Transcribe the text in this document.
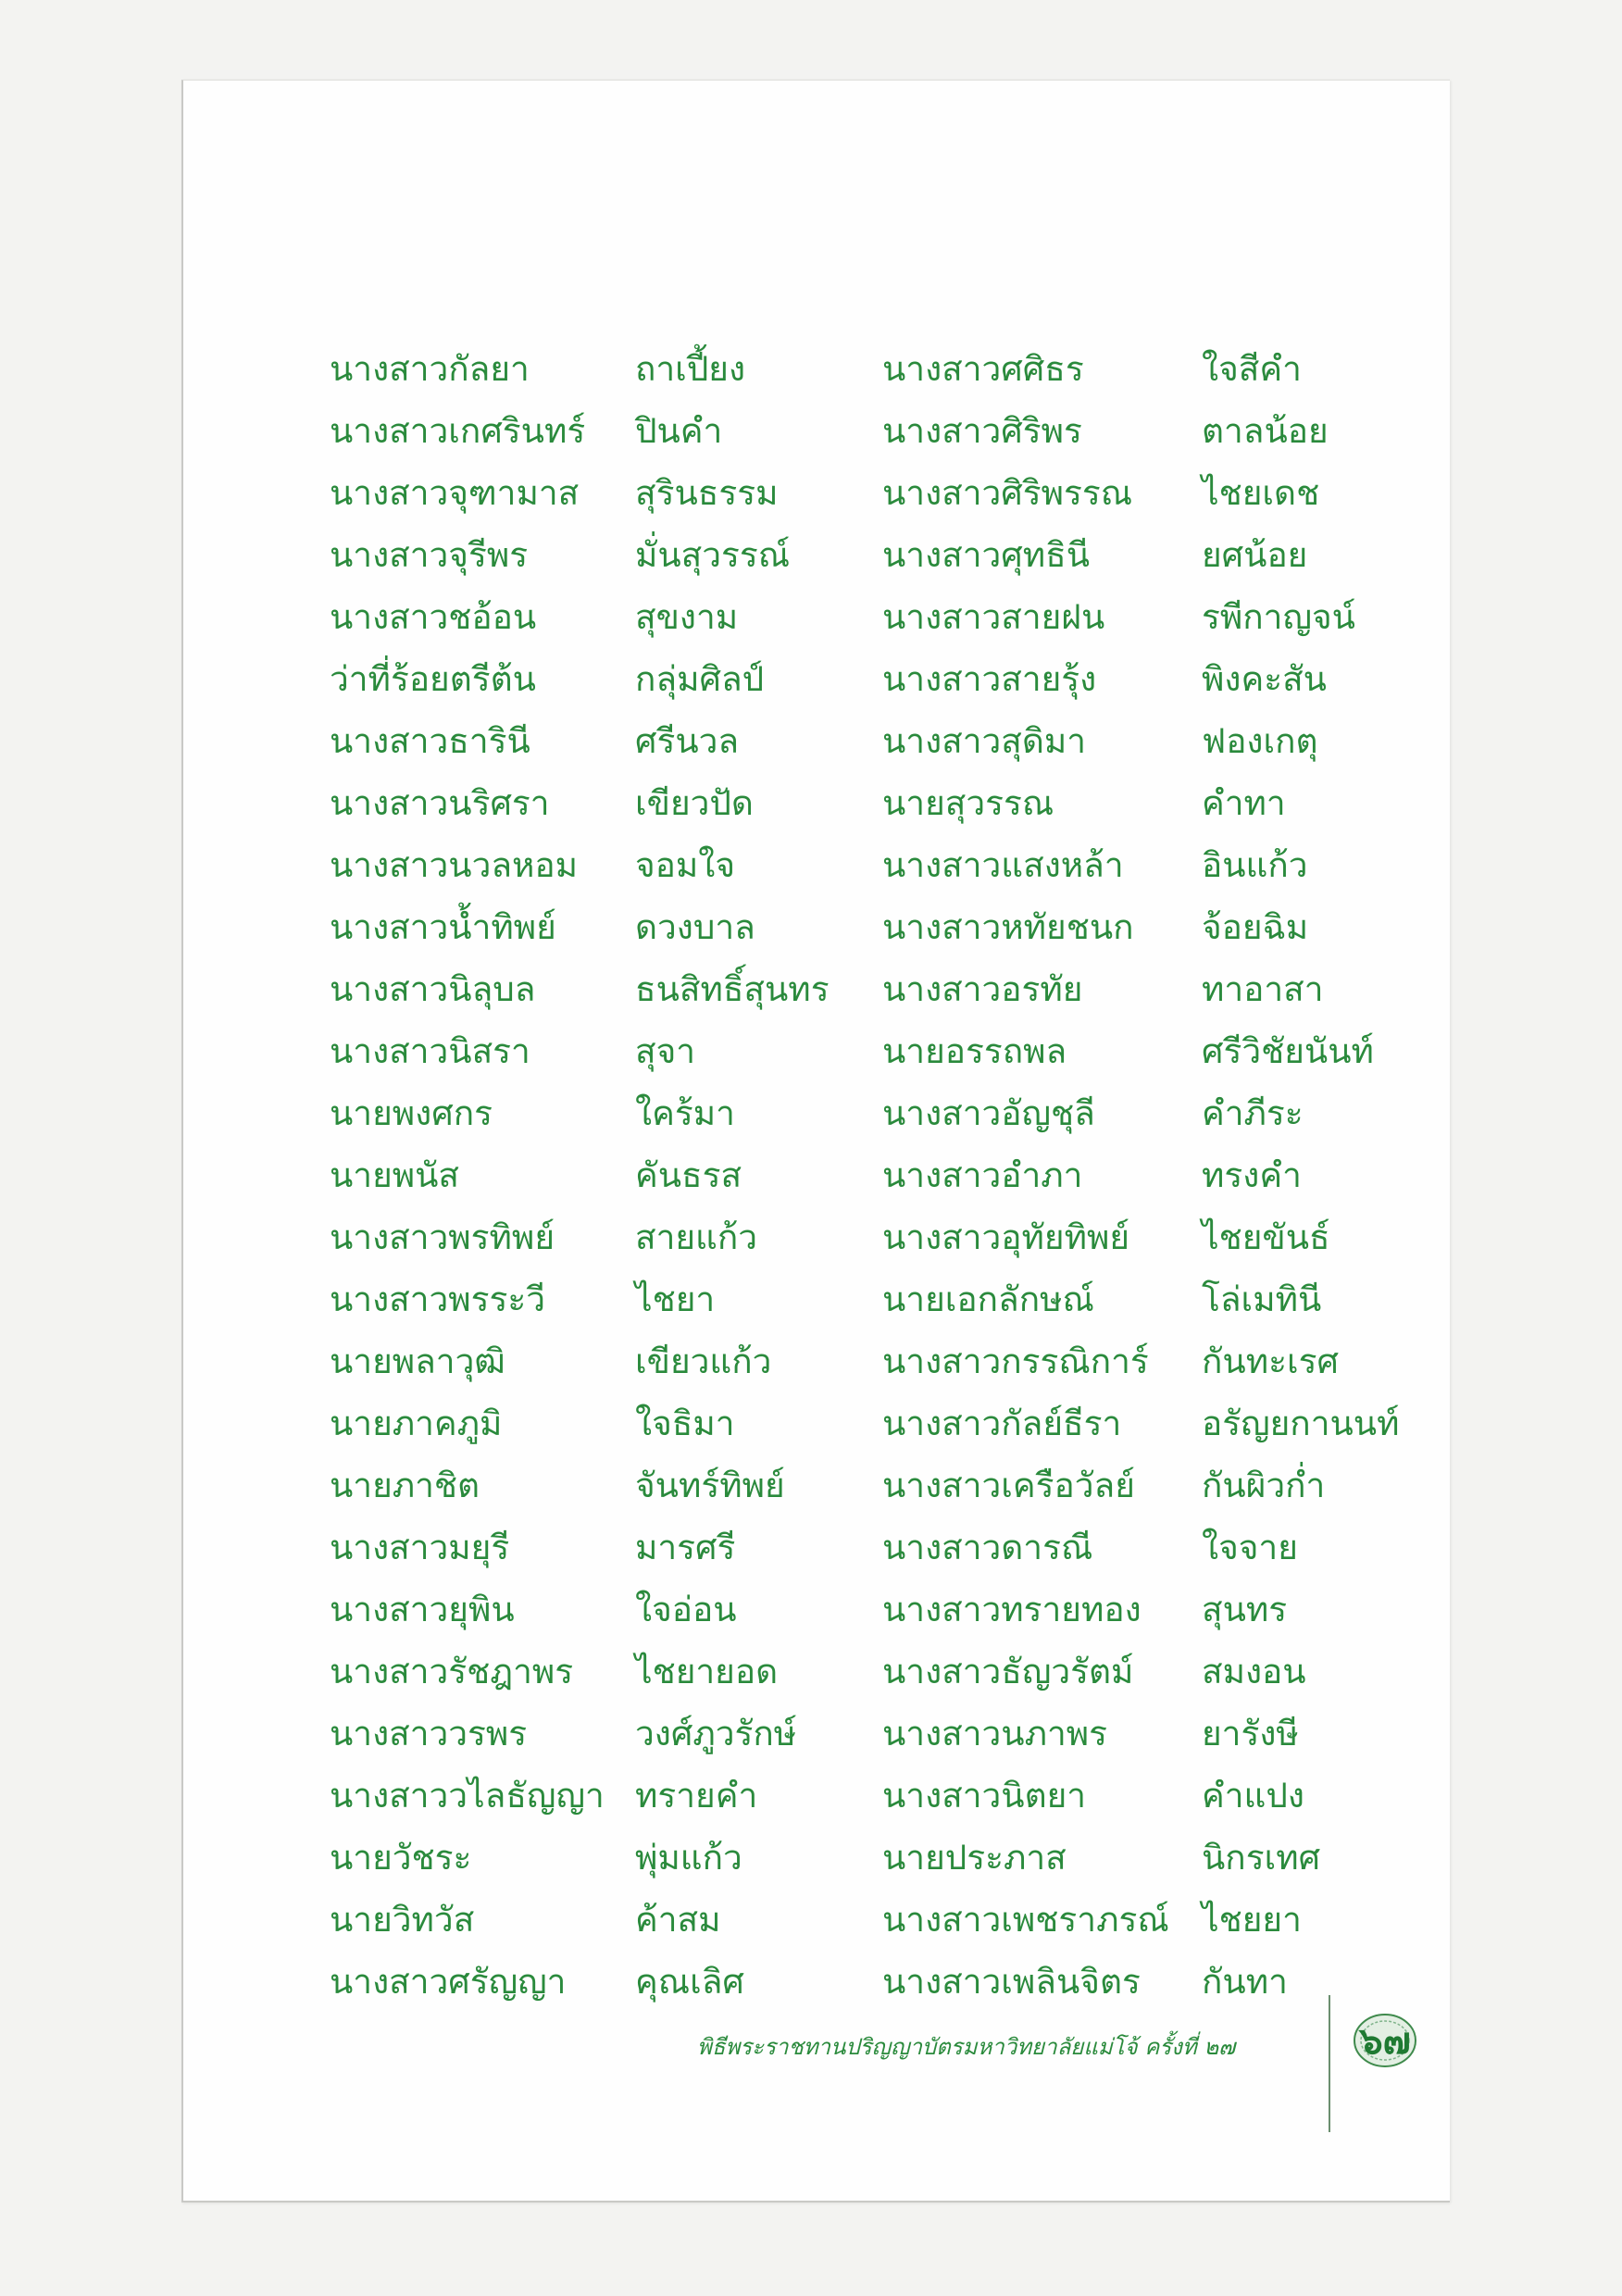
นางสาวกัลยา	ถาเปี้ยง
นางสาวเกศรินทร์	ปินคำ
นางสาวจุฑามาส	สุรินธรรม
นางสาวจุรีพร	มั่นสุวรรณ์
นางสาวชอ้อน	สุขงาม
ว่าที่ร้อยตรีต้น	กลุ่มศิลป์
นางสาวธารินี	ศรีนวล
นางสาวนริศรา	เขียวปัด
นางสาวนวลหอม	จอมใจ
นางสาวน้ำทิพย์	ดวงบาล
นางสาวนิลุบล	ธนสิทธิ์สุนทร
นางสาวนิสรา	สุจา
นายพงศกร	ใคร้มา
นายพนัส	คันธรส
นางสาวพรทิพย์	สายแก้ว
นางสาวพรระวี	ไชยา
นายพลาวุฒิ	เขียวแก้ว
นายภาคภูมิ	ใจธิมา
นายภาชิต	จันทร์ทิพย์
นางสาวมยุรี	มารศรี
นางสาวยุพิน	ใจอ่อน
นางสาวรัชฎาพร	ไชยายอด
นางสาววรพร	วงศ์ภูวรักษ์
นางสาววไลธัญญา ทรายคำ
นายวัชระ	พุ่มแก้ว
นายวิทวัส	ค้าสม
นางสาวศรัญญา	คุณเลิศ
นางสาวศศิธร	ใจสีคำ
นางสาวศิริพร	ตาลน้อย
นางสาวศิริพรรณ	ไชยเดช
นางสาวศุทธินี	ยศน้อย
นางสาวสายฝน	รพีกาญจน์
นางสาวสายรุ้ง	พิงคะสัน
นางสาวสุดิมา	ฟองเกตุ
นายสุวรรณ	คำทา
นางสาวแสงหล้า	อินแก้ว
นางสาวหทัยชนก	จ้อยฉิม
นางสาวอรทัย	ทาอาสา
นายอรรถพล	ศรีวิชัยนันท์
นางสาวอัญชุลี	คำภีระ
นางสาวอำภา	ทรงคำ
นางสาวอุทัยทิพย์	ไชยขันธ์
นายเอกลักษณ์	โล่เมทินี
นางสาวกรรณิการ์	กันทะเรศ
นางสาวกัลย์ธีรา	อรัญยกานนท์
นางสาวเครือวัลย์	กันผิวก่ำ
นางสาวดารณี	ใจจาย
นางสาวทรายทอง	สุนทร
นางสาวธัญวรัตม์	สมงอน
นางสาวนภาพร	ยารังษี
นางสาวนิตยา	คำแปง
นายประภาส	นิกรเทศ
นางสาวเพชราภรณ์ ไชยยา
นางสาวเพลินจิตร	กันทา
พิธีพระราชทานปริญญาบัตรมหาวิทยาลัยแม่โจ้ ครั้งที่ ๒๗	๖๗
